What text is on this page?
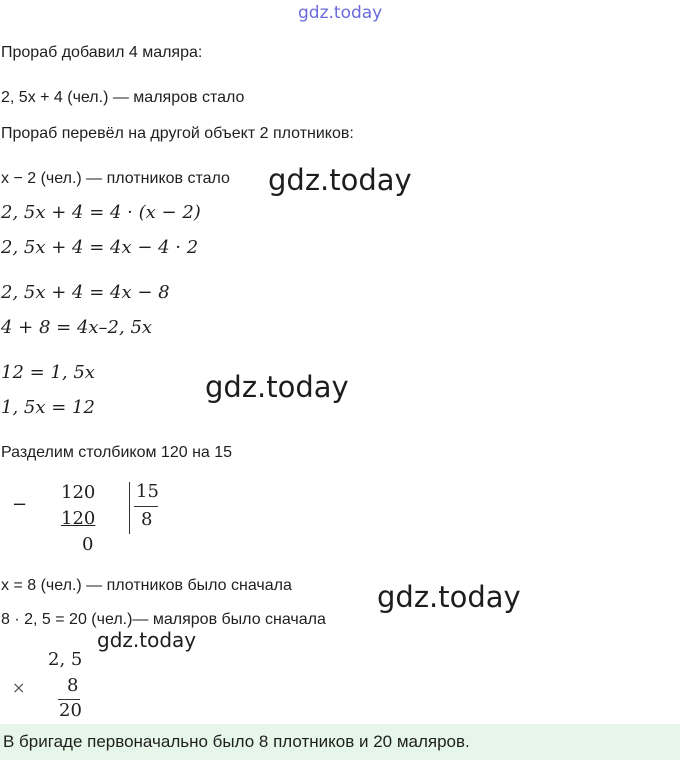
gdz.today
gdz.today
gdz.today
gdz.today
gdz.today
Прораб добавил 4 маляра:
2, 5x + 4 (чел.) — маляров стало
Прораб перевёл на другой объект 2 плотников:
x − 2 (чел.) — плотников стало
2, 5x + 4 = 4 · (x − 2)
2, 5x + 4 = 4x − 4 · 2
2, 5x + 4 = 4x − 8
4 + 8 = 4x–2, 5x
12 = 1, 5x
1, 5x = 12
Разделим столбиком 120 на 15
−
120
120
0
15
8
x = 8 (чел.) — плотников было сначала
8 · 2, 5 = 20 (чел.)— маляров было сначала
2, 5
× 8
20
В бригаде первоначально было 8 плотников и 20 маляров.
